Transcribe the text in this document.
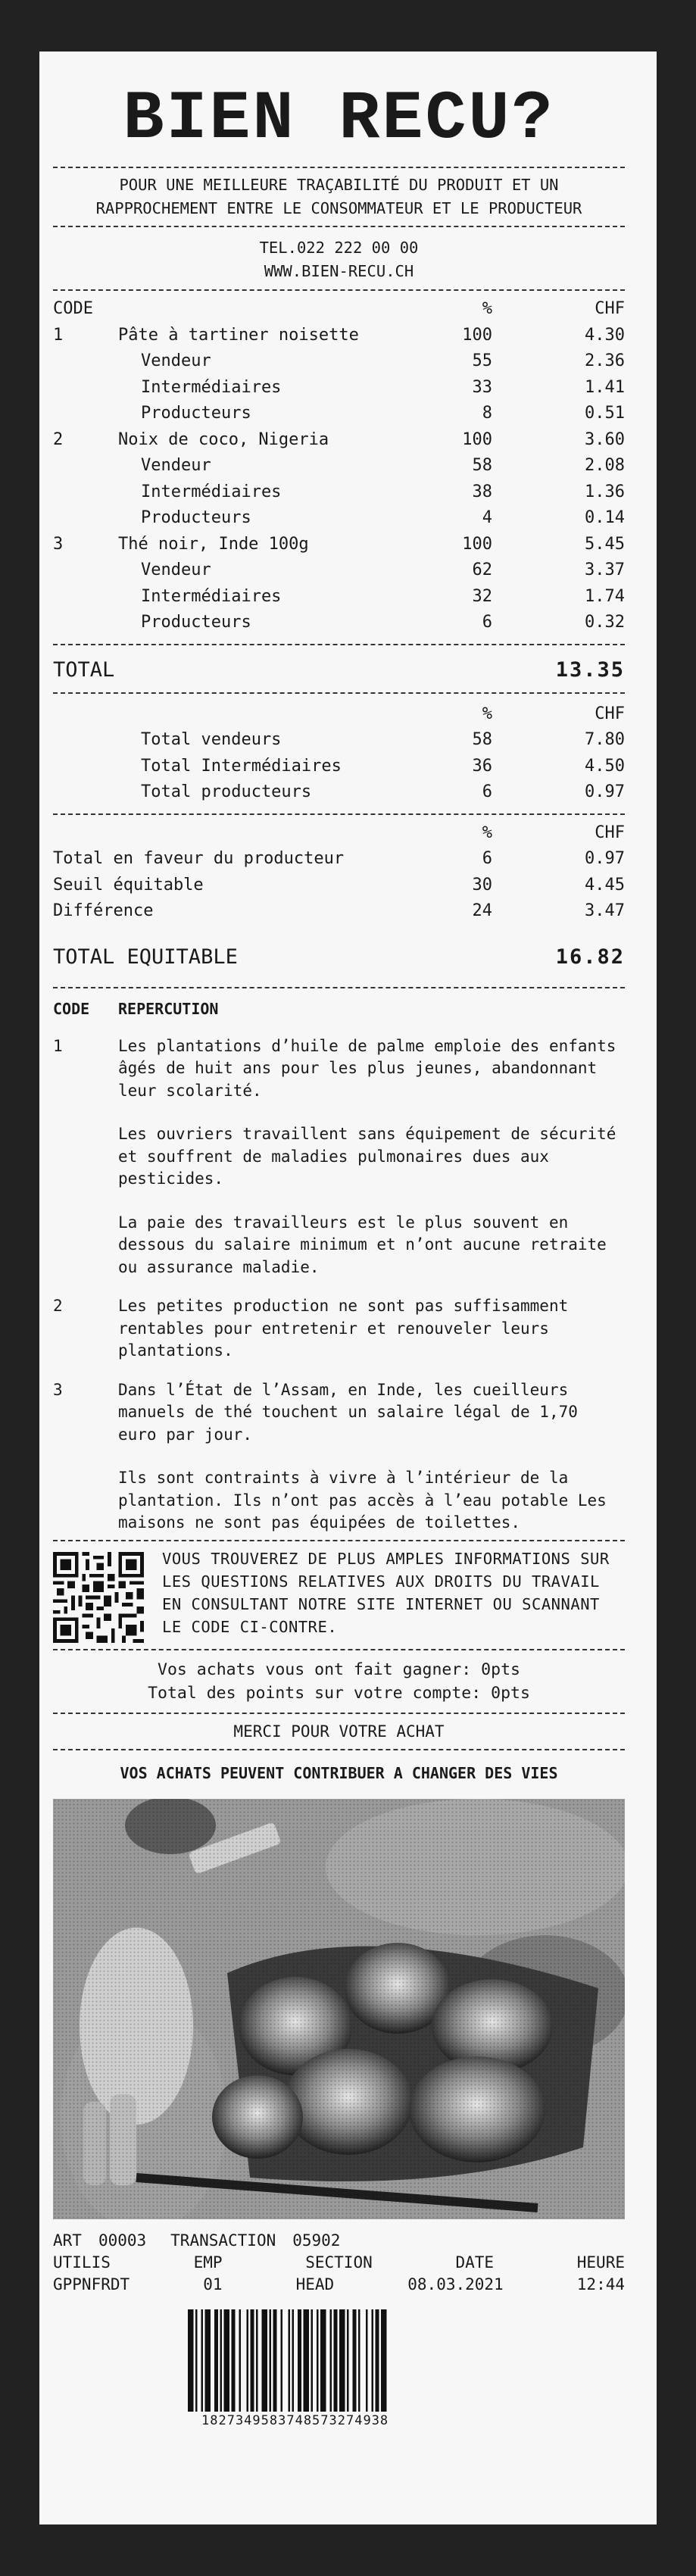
BIEN RECU?
POUR UNE MEILLEURE TRAÇABILITÉ DU PRODUIT ET UN
RAPPROCHEMENT ENTRE LE CONSOMMATEUR ET LE PRODUCTEUR
TEL.022 222 00 00
WWW.BIEN-RECU.CH
CODE	%	CHF
1	Pâte à tartiner noisette	100	4.30
Vendeur	55	2.36
Intermédiaires	33	1.41
Producteurs	8	0.51
2	Noix de coco, Nigeria	100	3.60
Vendeur	58	2.08
Intermédiaires	38	1.36
Producteurs	4	0.14
3	Thé noir, Inde 100g	100	5.45
Vendeur	62	3.37
Intermédiaires	32	1.74
Producteurs	6	0.32
TOTAL	13.35
%	CHF
Total vendeurs	58	7.80
Total Intermédiaires	36	4.50
Total producteurs	6	0.97
%	CHF
Total en faveur du producteur	6	0.97
Seuil équitable	30	4.45
Différence	24	3.47
TOTAL EQUITABLE	16.82
CODE	REPERCUTION
1	Les plantations d’huile de palme emploie des enfants âgés de huit ans pour les plus jeunes, abandonnant leur scolarité.

Les ouvriers travaillent sans équipement de sécurité et souffrent de maladies pulmonaires dues aux pesticides.

La paie des travailleurs est le plus souvent en dessous du salaire minimum et n’ont aucune retraite ou assurance maladie.

2	Les petites production ne sont pas suffisamment rentables pour entretenir et renouveler leurs plantations.

3	Dans l’État de l’Assam, en Inde, les cueilleurs manuels de thé touchent un salaire légal de 1,70 euro par jour.

Ils sont contraints à vivre à l’intérieur de la plantation. Ils n’ont pas accès à l’eau potable Les maisons ne sont pas équipées de toilettes.

VOUS TROUVEREZ DE PLUS AMPLES INFORMATIONS SUR LES QUESTIONS RELATIVES AUX DROITS DU TRAVAIL EN CONSULTANT NOTRE SITE INTERNET OU SCANNANT LE CODE CI-CONTRE.
Vos achats vous ont fait gagner: 0pts
Total des points sur votre compte: 0pts
MERCI POUR VOTRE ACHAT
VOS ACHATS PEUVENT CONTRIBUER A CHANGER DES VIES
ART 00003 TRANSACTION 05902
UTILIS	EMP	SECTION	DATE	HEURE
GPPNFRDT	01	HEAD	08.03.2021	12:44
18273495837485732749​38
